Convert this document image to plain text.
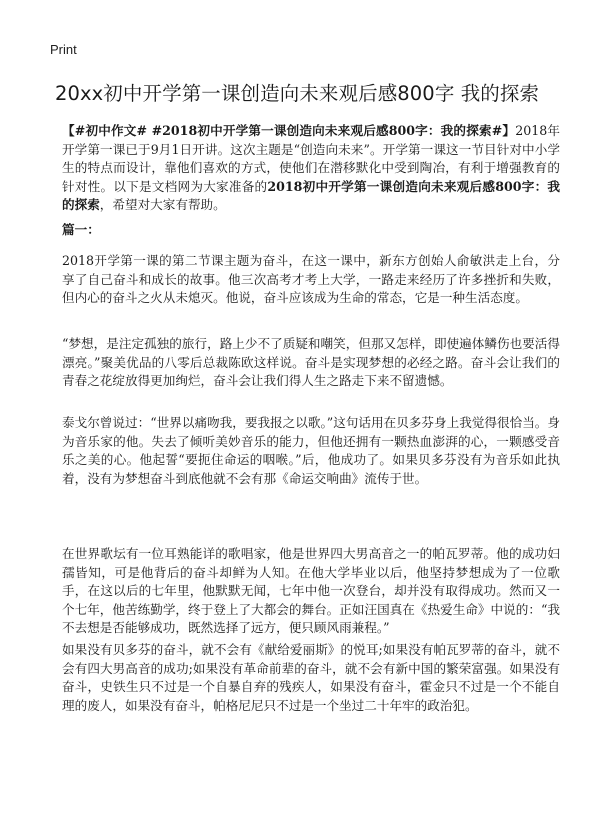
Print
20xx初中开学第一课创造向未来观后感800字 我的探索

【#初中作文# #2018初中开学第一课创造向未来观后感800字：我的探索#】2018年开学第一课已于9月1日开讲。这次主题是“创造向未来”。开学第一课这一节目针对中小学生的特点而设计，靠他们喜欢的方式，使他们在潜移默化中受到陶冶，有利于增强教育的针对性。以下是文档网为大家准备的2018初中开学第一课创造向未来观后感800字：我的探索，希望对大家有帮助。

篇一：

2018开学第一课的第二节课主题为奋斗，在这一课中，新东方创始人俞敏洪走上台，分享了自己奋斗和成长的故事。他三次高考才考上大学，一路走来经历了许多挫折和失败，但内心的奋斗之火从未熄灭。他说，奋斗应该成为生命的常态，它是一种生活态度。

“梦想，是注定孤独的旅行，路上少不了质疑和嘲笑，但那又怎样，即使遍体鳞伤也要活得漂亮。”聚美优品的八零后总裁陈欧这样说。奋斗是实现梦想的必经之路。奋斗会让我们的青春之花绽放得更加绚烂，奋斗会让我们得人生之路走下来不留遗憾。

泰戈尔曾说过：“世界以痛吻我，要我报之以歌。”这句话用在贝多芬身上我觉得很恰当。身为音乐家的他。失去了倾听美妙音乐的能力，但他还拥有一颗热血澎湃的心，一颗感受音乐之美的心。他起誓“要扼住命运的咽喉。”后，他成功了。如果贝多芬没有为音乐如此执着，没有为梦想奋斗到底他就不会有那《命运交响曲》流传于世。

在世界歌坛有一位耳熟能详的歌唱家，他是世界四大男高音之一的帕瓦罗蒂。他的成功妇孺皆知，可是他背后的奋斗却鲜为人知。在他大学毕业以后，他坚持梦想成为了一位歌手，在这以后的七年里，他默默无闻，七年中他一次登台，却并没有取得成功。然而又一个七年，他苦练勤学，终于登上了大都会的舞台。正如汪国真在《热爱生命》中说的：“我不去想是否能够成功，既然选择了远方，便只顾风雨兼程。”

如果没有贝多芬的奋斗，就不会有《献给爱丽斯》的悦耳;如果没有帕瓦罗蒂的奋斗，就不会有四大男高音的成功;如果没有革命前辈的奋斗，就不会有新中国的繁荣富强。如果没有奋斗，史铁生只不过是一个自暴自弃的残疾人，如果没有奋斗，霍金只不过是一个不能自理的废人，如果没有奋斗，帕格尼尼只不过是一个坐过二十年牢的政治犯。
